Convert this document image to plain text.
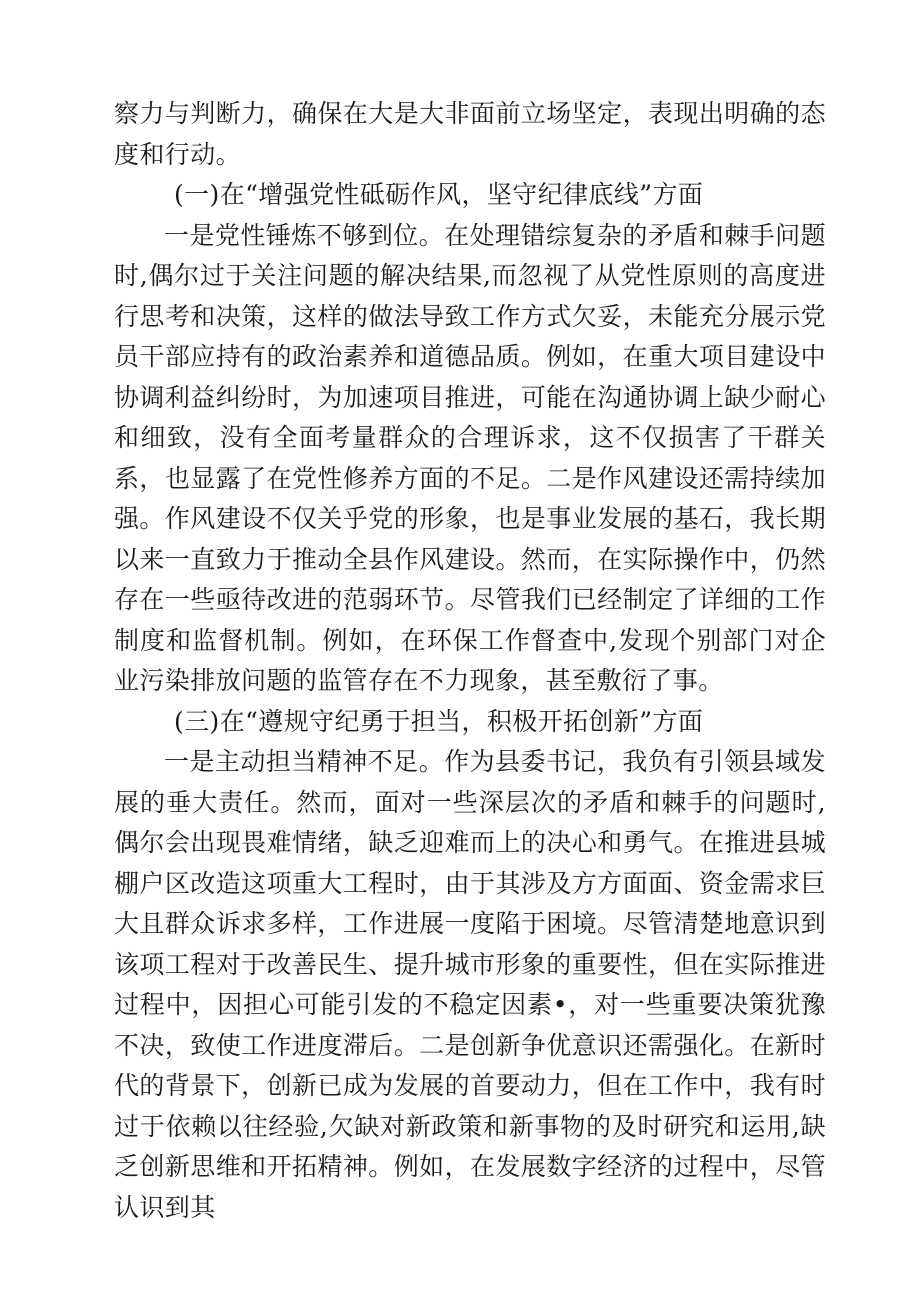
察力与判断力，确保在大是大非面前立场坚定，表现出明确的态度和行动。

(一)在“增强党性砥砺作风，坚守纪律底线”方面

一是党性锤炼不够到位。在处理错综复杂的矛盾和棘手问题时,偶尔过于关注问题的解决结果,而忽视了从党性原则的高度进行思考和决策，这样的做法导致工作方式欠妥，未能充分展示党员干部应持有的政治素养和道德品质。例如，在重大项目建设中协调利益纠纷时，为加速项目推进，可能在沟通协调上缺少耐心和细致，没有全面考量群众的合理诉求，这不仅损害了干群关系，也显露了在党性修养方面的不足。二是作风建设还需持续加强。作风建设不仅关乎党的形象，也是事业发展的基石，我长期以来一直致力于推动全县作风建设。然而，在实际操作中，仍然存在一些亟待改进的范弱环节。尽管我们已经制定了详细的工作制度和监督机制。例如，在环保工作督查中,发现个别部门对企业污染排放问题的监管存在不力现象，甚至敷衍了事。

(三)在“遵规守纪勇于担当，积极开拓创新”方面

一是主动担当精神不足。作为县委书记，我负有引领县域发展的垂大责任。然而，面对一些深层次的矛盾和棘手的问题时,偶尔会出现畏难情绪，缺乏迎难而上的决心和勇气。在推进县城棚户区改造这项重大工程时，由于其涉及方方面面、资金需求巨大且群众诉求多样，工作进展一度陷于困境。尽管清楚地意识到该项工程对于改善民生、提升城市形象的重要性，但在实际推进过程中，因担心可能引发的不稳定因素•，对一些重要决策犹豫不决，致使工作进度滞后。二是创新争优意识还需强化。在新时代的背景下，创新已成为发展的首要动力，但在工作中，我有时过于依赖以往经验,欠缺对新政策和新事物的及时研究和运用,缺乏创新思维和开拓精神。例如，在发展数字经济的过程中，尽管认识到其
